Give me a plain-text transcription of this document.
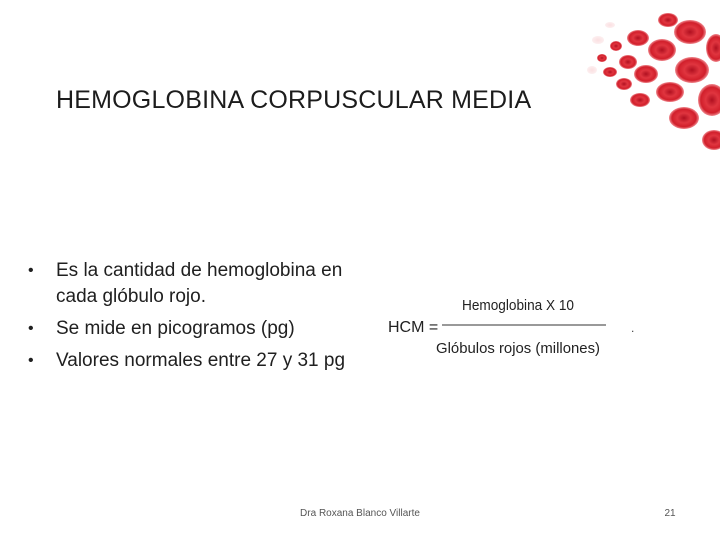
HEMOGLOBINA CORPUSCULAR MEDIA
• Es la cantidad de hemoglobina en cada glóbulo rojo.
• Se mide en picogramos (pg)
• Valores normales entre 27 y 31 pg
HCM =
Hemoglobina X 10
Glóbulos rojos (millones)
.
Dra Roxana Blanco Villarte	21
